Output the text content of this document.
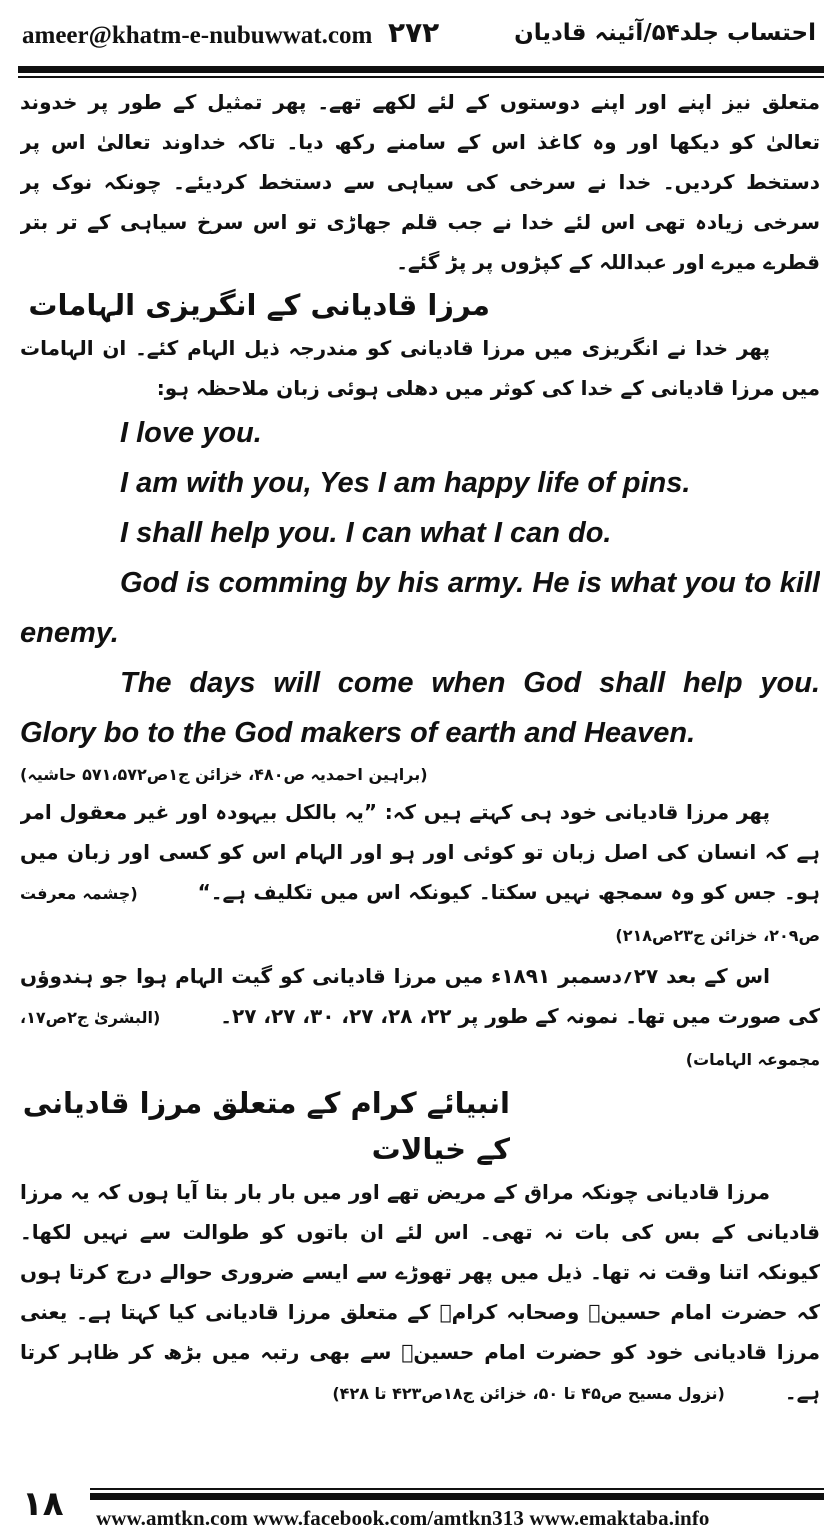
ameer@khatm-e-nubuwwat.com ۲۷۲	احتساب جلد۵۴/آئینہ قادیان

متعلق نیز اپنے اور اپنے دوستوں کے لئے لکھے تھے۔ پھر تمثیل کے طور پر خدوند تعالیٰ کو دیکھا اور وہ کاغذ اس کے سامنے رکھ دیا۔ تاکہ خداوند تعالیٰ اس پر دستخط کردیں۔ خدا نے سرخی کی سیاہی سے دستخط کردیئے۔ چونکہ نوک پر سرخی زیادہ تھی اس لئے خدا نے جب قلم جھاڑی تو اس سرخ سیاہی کے تر بتر قطرے میرے اور عبداللہ کے کپڑوں پر پڑ گئے۔

مرزا قادیانی کے انگریزی الہامات

پھر خدا نے انگریزی میں مرزا قادیانی کو مندرجہ ذیل الہام کئے۔ ان الہامات میں مرزا قادیانی کے خدا کی کوثر میں دھلی ہوئی زبان ملاحظہ ہو:

I love you.

I am with you, Yes I am happy life of pins.

I shall help you. I can what I can do.

God is comming by his army. He is what you to kill enemy.

The days will come when God shall help you. Glory bo to the God makers of earth and Heaven.

(براہین احمدیہ ص۴۸۰، خزائن ج۱ص۵۷۱،۵۷۲ حاشیہ)

پھر مرزا قادیانی خود ہی کہتے ہیں کہ: ”یہ بالکل بیہودہ اور غیر معقول امر ہے کہ انسان کی اصل زبان تو کوئی اور ہو اور الہام اس کو کسی اور زبان میں ہو۔ جس کو وہ سمجھ نہیں سکتا۔ کیونکہ اس میں تکلیف ہے۔“(چشمہ معرفت ص۲۰۹، خزائن ج۲۳ص۲۱۸)

اس کے بعد ۲۷؍دسمبر ۱۸۹۱ء میں مرزا قادیانی کو گیت الہام ہوا جو ہندوؤں کی صورت میں تھا۔ نمونہ کے طور پر ۲۲، ۲۸، ۲۷، ۳۰، ۲۷، ۲۷۔(البشریٰ ج۲ص۱۷، مجموعہ الہامات)

انبیائے کرام کے متعلق مرزا قادیانی کے خیالات

مرزا قادیانی چونکہ مراق کے مریض تھے اور میں بار بار بتا آیا ہوں کہ یہ مرزا قادیانی کے بس کی بات نہ تھی۔ اس لئے ان باتوں کو طوالت سے نہیں لکھا۔ کیونکہ اتنا وقت نہ تھا۔ ذیل میں پھر تھوڑے سے ایسے ضروری حوالے درج کرتا ہوں کہ حضرت امام حسینؓ وصحابہ کرامؓ کے متعلق مرزا قادیانی کیا کہتا ہے۔ یعنی مرزا قادیانی خود کو حضرت امام حسینؓ سے بھی رتبہ میں بڑھ کر ظاہر کرتا ہے۔(نزول مسیح ص۴۵ تا ۵۰، خزائن ج۱۸ص۴۲۳ تا ۴۲۸)

۱۸ www.amtkn.com www.facebook.com/amtkn313 www.emaktaba.info
